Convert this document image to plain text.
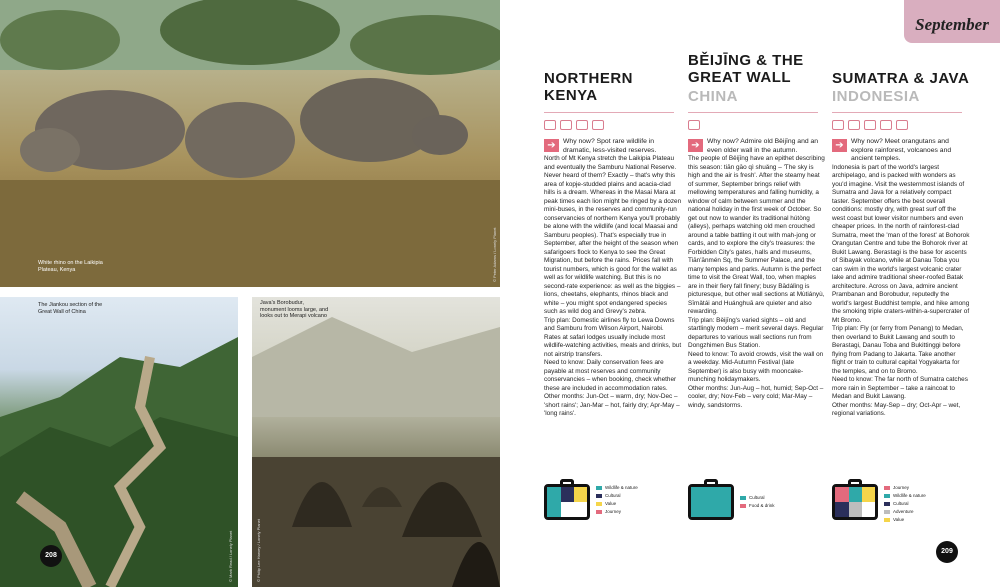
White rhino on the Laikipia Plateau, Kenya	© Peter Adams / Lonely Planet
The Jiankou section of the Great Wall of China
© Mark Read / Lonely Planet
208
Java's Borobudur, monument looms large, and looks out to Merapi volcano
© Philip Lee Harvey / Lonely Planet
September
NORTHERN KENYA
➔	Why now? Spot rare wildlife in dramatic, less-visited reserves.

North of Mt Kenya stretch the Laikipia Plateau and eventually the Samburu National Reserve. Never heard of them? Exactly – that's why this area of kopje-studded plains and acacia-clad hills is a dream. Whereas in the Masai Mara at peak times each lion might be ringed by a dozen mini-buses, in the reserves and community-run conservancies of northern Kenya you'll probably be alone with the wildlife (and local Maasai and Samburu peoples). That's especially true in September, after the height of the season when safarigoers flock to Kenya to see the Great Migration, but before the rains. Prices fall with tourist numbers, which is good for the wallet as well as for wildlife watching. But this is no second-rate experience: as well as the biggies – lions, cheetahs, elephants, rhinos black and white – you might spot endangered species such as wild dog and Grevy's zebra.

Trip plan: Domestic airlines fly to Lewa Downs and Samburu from Wilson Airport, Nairobi. Rates at safari lodges usually include most wildlife-watching activities, meals and drinks, but not airstrip transfers.

Need to know: Daily conservation fees are payable at most reserves and community conservancies – when booking, check whether these are included in accommodation rates.

Other months: Jun-Oct – warm, dry; Nov-Dec – 'short rains'; Jan-Mar – hot, fairly dry; Apr-May – 'long rains'.

Wildlife & nature
Cultural
Value
Journey
BĚIJĪNG & THE GREAT WALL
CHINA
➔	Why now? Admire old Běijīng and an even older wall in the autumn.

The people of Běijīng have an epithet describing this season: tiān gāo qì shuǎng – 'The sky is high and the air is fresh'. After the steamy heat of summer, September brings relief with mellowing temperatures and falling humidity, a window of calm between summer and the national holiday in the first week of October. So get out now to wander its traditional hútòng (alleys), perhaps watching old men crouched around a table battling it out with mah-jong or cards, and to explore the city's treasures: the Forbidden City's gates, halls and museums, Tiān'ānmén Sq, the Summer Palace, and the many temples and parks. Autumn is the perfect time to visit the Great Wall, too, when maples are in their fiery fall finery; busy Bādálǐng is picturesque, but other wall sections at Mùtiányù, Sīmǎtái and Huánghuā are quieter and also rewarding.

Trip plan: Běijīng's varied sights – old and startlingly modern – merit several days. Regular departures to various wall sections run from Dongzhimen Bus Station.

Need to know: To avoid crowds, visit the wall on a weekday. Mid-Autumn Festival (late September) is also busy with mooncake-munching holidaymakers.

Other months: Jun-Aug – hot, humid; Sep-Oct – cooler, dry; Nov-Feb – very cold; Mar-May – windy, sandstorms.

Cultural
Food & drink
SUMATRA & JAVA
INDONESIA
➔	Why now? Meet orangutans and explore rainforest, volcanoes and ancient temples.

Indonesia is part of the world's largest archipelago, and is packed with wonders as you'd imagine. Visit the westernmost islands of Sumatra and Java for a relatively compact taster. September offers the best overall conditions: mostly dry, with great surf off the west coast but lower visitor numbers and even cheaper prices. In the north of rainforest-clad Sumatra, meet the 'man of the forest' at Bohorok Orangutan Centre and tube the Bohorok river at Bukit Lawang. Berastagi is the base for ascents of Sibayak volcano, while at Danau Toba you can swim in the world's largest volcanic crater lake and admire traditional sheer-roofed Batak architecture. Across on Java, admire ancient Prambanan and Borobudur, reputedly the world's largest Buddhist temple, and hike among the smoking triple craters-within-a-supercrater of Mt Bromo.

Trip plan: Fly (or ferry from Penang) to Medan, then overland to Bukit Lawang and south to Berastagi, Danau Toba and Bukittinggi before flying from Padang to Jakarta. Take another flight or train to cultural capital Yogyakarta for the temples, and on to Bromo.

Need to know: The far north of Sumatra catches more rain in September – take a raincoat to Medan and Bukit Lawang.

Other months: May-Sep – dry; Oct-Apr – wet, regional variations.

Journey
Wildlife & nature
Cultural
Adventure
Value
209
